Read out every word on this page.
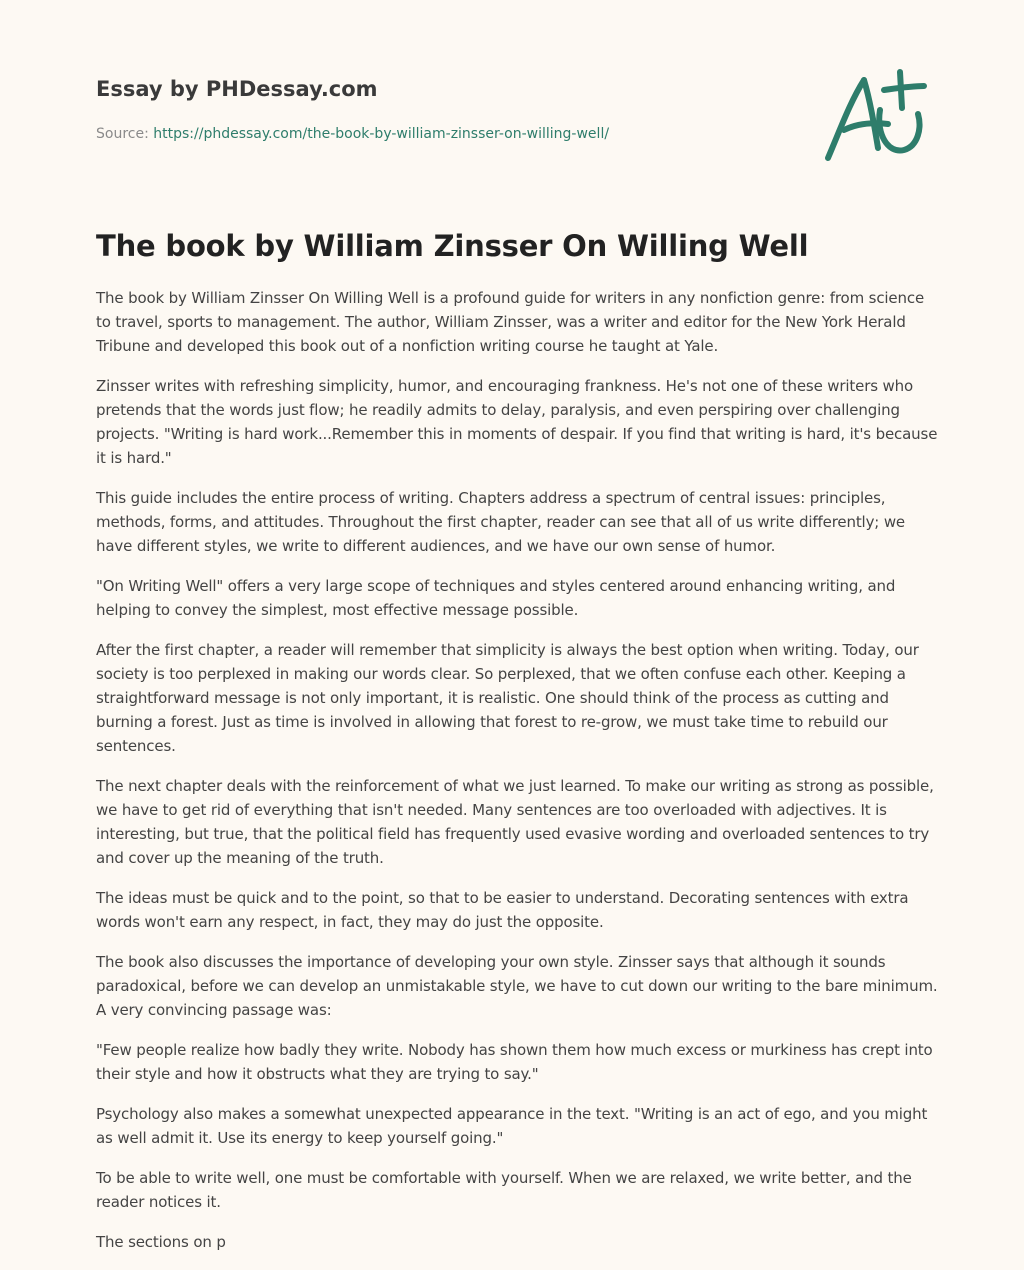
Essay by PHDessay.com
Source: https://phdessay.com/the-book-by-william-zinsser-on-willing-well/
The book by William Zinsser On Willing Well

The book by William Zinsser On Willing Well is a profound guide for writers in any nonfiction genre: from science to travel, sports to management. The author, William Zinsser, was a writer and editor for the New York Herald Tribune and developed this book out of a nonfiction writing course he taught at Yale.

Zinsser writes with refreshing simplicity, humor, and encouraging frankness. He's not one of these writers who pretends that the words just flow; he readily admits to delay, paralysis, and even perspiring over challenging projects. "Writing is hard work...Remember this in moments of despair. If you find that writing is hard, it's because it is hard."

This guide includes the entire process of writing. Chapters address a spectrum of central issues: principles, methods, forms, and attitudes. Throughout the first chapter, reader can see that all of us write differently; we have different styles, we write to different audiences, and we have our own sense of humor.

"On Writing Well" offers a very large scope of techniques and styles centered around enhancing writing, and helping to convey the simplest, most effective message possible.

After the first chapter, a reader will remember that simplicity is always the best option when writing. Today, our society is too perplexed in making our words clear. So perplexed, that we often confuse each other. Keeping a straightforward message is not only important, it is realistic. One should think of the process as cutting and burning a forest. Just as time is involved in allowing that forest to re-grow, we must take time to rebuild our sentences.

The next chapter deals with the reinforcement of what we just learned. To make our writing as strong as possible, we have to get rid of everything that isn't needed. Many sentences are too overloaded with adjectives. It is interesting, but true, that the political field has frequently used evasive wording and overloaded sentences to try and cover up the meaning of the truth.

The ideas must be quick and to the point, so that to be easier to understand. Decorating sentences with extra words won't earn any respect, in fact, they may do just the opposite.

The book also discusses the importance of developing your own style. Zinsser says that although it sounds paradoxical, before we can develop an unmistakable style, we have to cut down our writing to the bare minimum. A very convincing passage was:

"Few people realize how badly they write. Nobody has shown them how much excess or murkiness has crept into their style and how it obstructs what they are trying to say."

Psychology also makes a somewhat unexpected appearance in the text. "Writing is an act of ego, and you might as well admit it. Use its energy to keep yourself going."

To be able to write well, one must be comfortable with yourself. When we are relaxed, we write better, and the reader notices it.

The sections on p
